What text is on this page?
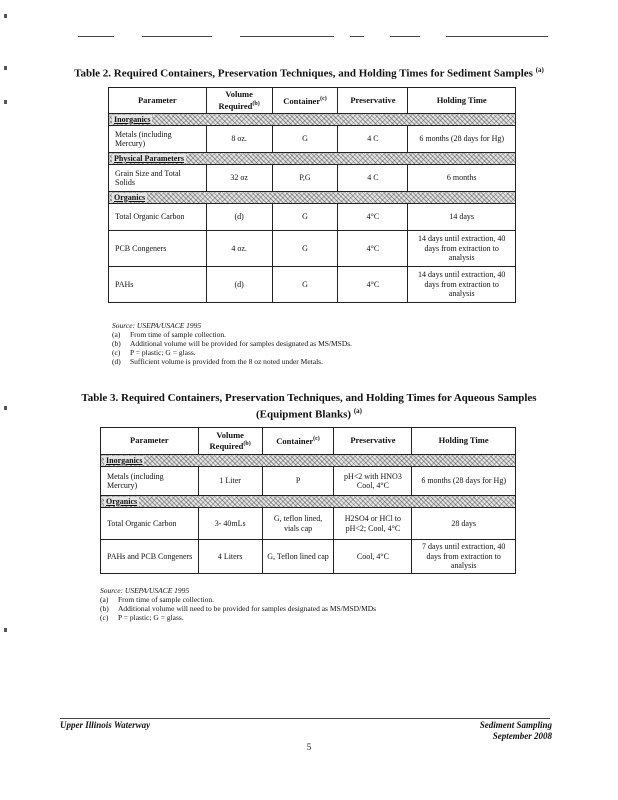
Table 2. Required Containers, Preservation Techniques, and Holding Times for Sediment Samples $^{(a)}$
Parameter	Volume Required$^{(b)}$	Container$^{(c)}$	Preservative	Holding Time
Inorganics				
Metals (including Mercury)	8 oz.	G	4 C	6 months (28 days for Hg)
Physical Parameters				
Grain Size and Total Solids	32 oz	P,G	4 C	6 months
Organics				
Total Organic Carbon	(d)	G	4°C	14 days
PCB Congeners	4 oz.	G	4°C	14 days until extraction, 40 days from extraction to analysis
PAHs	(d)	G	4°C	14 days until extraction, 40 days from extraction to analysis
Source: USEPA/USACE 1995
(a)	From time of sample collection.
(b)	Additional volume will be provided for samples designated as MS/MSDs.
(c)	P = plastic; G = glass.
(d)	Sufficient volume is provided from the 8 oz noted under Metals.
Table 3. Required Containers, Preservation Techniques, and Holding Times for Aqueous Samples
(Equipment Blanks) $^{(a)}$
Parameter	Volume Required$^{(b)}$	Container$^{(c)}$	Preservative	Holding Time
Inorganics				
Metals (including Mercury)	1 Liter	P	pH<2 with HNO3 Cool, 4°C	6 months (28 days for Hg)
Organics				
Total Organic Carbon	3- 40mLs	G, teflon lined, vials cap	H2SO4 or HCl to pH<2; Cool, 4°C	28 days
PAHs and PCB Congeners	4 Liters	G, Teflon lined cap	Cool, 4°C	7 days until extraction, 40 days from extraction to analysis
Source: USEPA/USACE 1995
(a)	From time of sample collection.
(b)	Additional volume will need to be provided for samples designated as MS/MSD/MDs
(c)	P = plastic; G = glass.
Upper Illinois Waterway	Sediment Sampling
September 2008
5
